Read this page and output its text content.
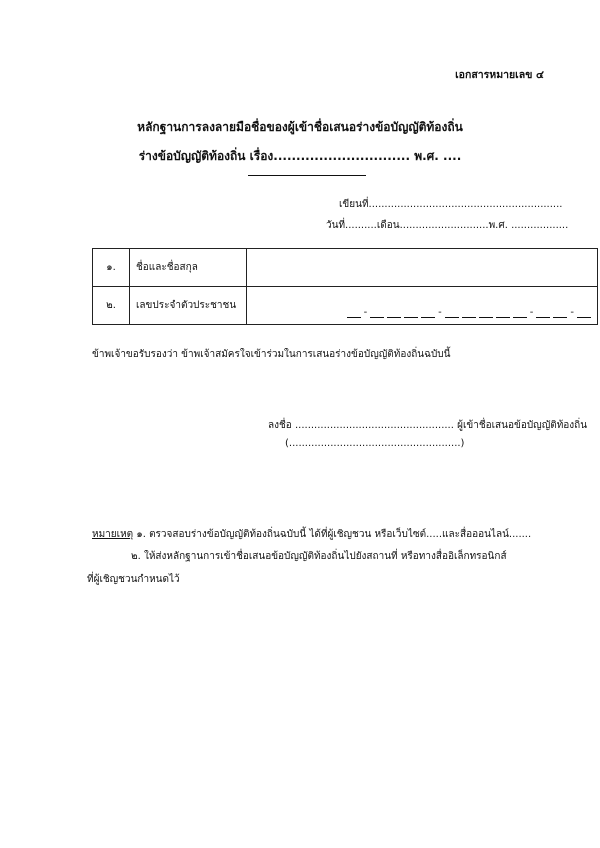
เอกสารหมายเลข ๔
หลักฐานการลงลายมือชื่อของผู้เข้าชื่อเสนอร่างข้อบัญญัติท้องถิ่น
ร่างข้อบัญญัติท้องถิ่น เรื่อง.............................. พ.ศ. ....
เขียนที่.............................................................
วันที่..........เดือน............................พ.ศ. ..................
๑.	ชื่อและชื่อสกุล	
๒.	เลขประจำตัวประชาชน	- - - -
ข้าพเจ้าขอรับรองว่า ข้าพเจ้าสมัครใจเข้าร่วมในการเสนอร่างข้อบัญญัติท้องถิ่นฉบับนี้
ลงชื่อ .................................................. ผู้เข้าชื่อเสนอข้อบัญญัติท้องถิ่น
(......................................................)
หมายเหตุ ๑. ตรวจสอบร่างข้อบัญญัติท้องถิ่นฉบับนี้ ได้ที่ผู้เชิญชวน หรือเว็บไซต์.....และสื่อออนไลน์.......
๒. ให้ส่งหลักฐานการเข้าชื่อเสนอข้อบัญญัติท้องถิ่นไปยังสถานที่ หรือทางสื่ออิเล็กทรอนิกส์
ที่ผู้เชิญชวนกำหนดไว้
